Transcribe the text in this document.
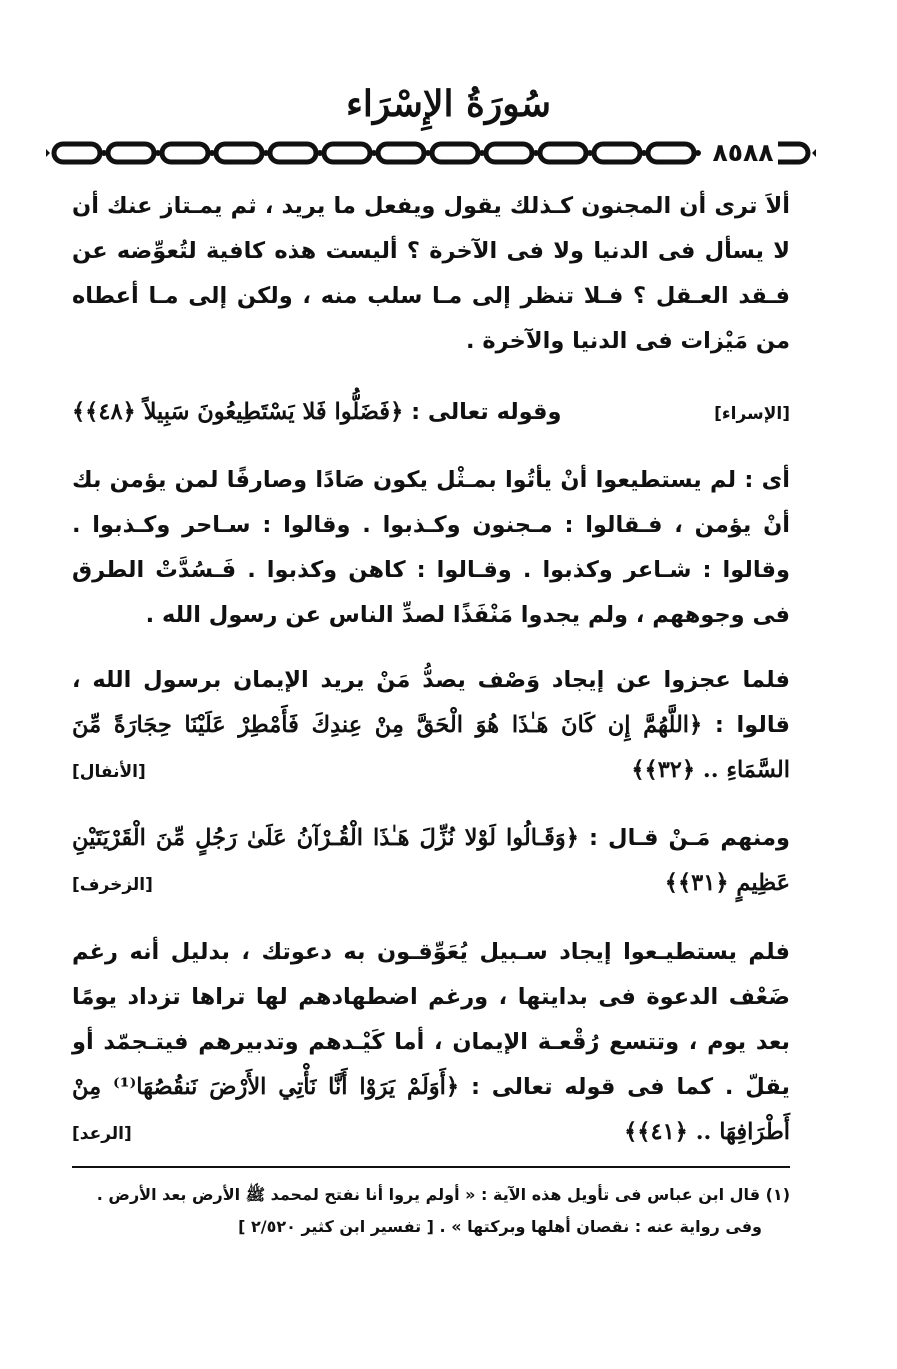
سُورَةُ الإِسْرَاء
٨٥٨٨
ألاَ ترى أن المجنون كـذلك يقول ويفعل ما يريد ، ثم يمـتاز عنك أن لا يسأل فى الدنيا ولا فى الآخرة ؟ أليست هذه كافية لتُعوِّضه عن فـقد العـقل ؟ فـلا تنظر إلى مـا سلب منه ، ولكن إلى مـا أعطاه من مَيْزات فى الدنيا والآخرة .
وقوله تعالى : ﴿فَضَلُّوا فَلا يَسْتَطِيعُونَ سَبِيلاً ﴿٤٨﴾﴾	[الإسراء]
أى : لم يستطيعوا أنْ يأتُوا بمـثْل يكون صَادًا وصارفًا لمن يؤمن بك أنْ يؤمن ، فـقالوا : مـجنون وكـذبوا . وقالوا : سـاحر وكـذبوا . وقالوا : شـاعر وكذبوا . وقـالوا : كاهن وكذبوا . فَـسُدَّتْ الطرق فى وجوههم ، ولم يجدوا مَنْفَذًا لصدِّ الناس عن رسول الله .
فلما عجزوا عن إيجاد وَصْف يصدُّ مَنْ يريد الإيمان برسول الله ، قالوا : ﴿اللَّهُمَّ إِن كَانَ هَـٰذَا هُوَ الْحَقَّ مِنْ عِندِكَ فَأَمْطِرْ عَلَيْنَا حِجَارَةً مِّنَ السَّمَاءِ .. ﴿٣٢﴾﴾
[الأنفال]
ومنهم مَـنْ قـال : ﴿وَقَـالُوا لَوْلا نُزِّلَ هَـٰذَا الْقُـرْآنُ عَلَىٰ رَجُلٍ مِّنَ الْقَرْيَتَيْنِ عَظِيمٍ ﴿٣١﴾﴾
[الزخرف]
فلم يستطيـعوا إيجاد سـبيل يُعَوِّقـون به دعوتك ، بدليل أنه رغم ضَعْف الدعوة فى بدايتها ، ورغم اضطهادهم لها تراها تزداد يومًا بعد يوم ، وتتسع رُقْعـة الإيمان ، أما كَيْـدهم وتدبيرهم فيتـجمّد أو يقلّ . كما فى قوله تعالى : ﴿أَوَلَمْ يَرَوْا أَنَّا نَأْتِي الأَرْضَ نَنقُصُهَا⁽¹⁾ مِنْ أَطْرَافِهَا .. ﴿٤١﴾﴾
[الرعد]
(١) قال ابن عباس فى تأويل هذه الآية : « أولم يروا أنا نفتح لمحمد ﷺ الأرض بعد الأرض .
وفى رواية عنه : نقصان أهلها وبركتها » . [ تفسير ابن كثير ٢/٥٢٠ ]
